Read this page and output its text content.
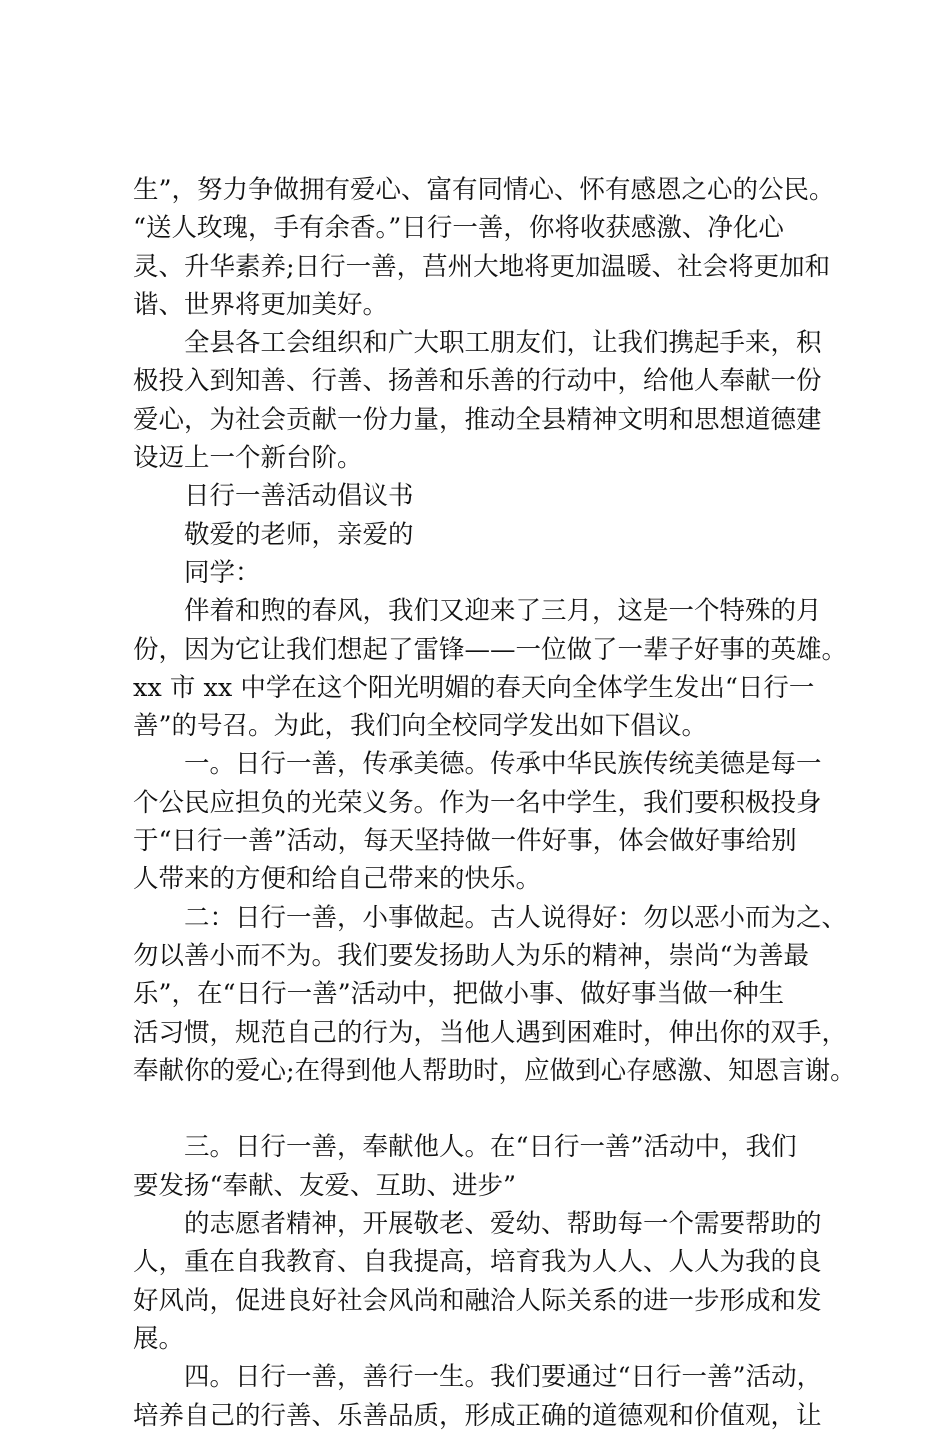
生”，努力争做拥有爱心、富有同情心、怀有感恩之心的公民。
“送人玫瑰，手有余香。”日行一善，你将收获感激、净化心
灵、升华素养;日行一善，莒州大地将更加温暖、社会将更加和
谐、世界将更加美好。
　　全县各工会组织和广大职工朋友们，让我们携起手来，积
极投入到知善、行善、扬善和乐善的行动中，给他人奉献一份
爱心，为社会贡献一份力量，推动全县精神文明和思想道德建
设迈上一个新台阶。
　　日行一善活动倡议书
　　敬爱的老师，亲爱的
　　同学：
　　伴着和煦的春风，我们又迎来了三月，这是一个特殊的月
份，因为它让我们想起了雷锋——一位做了一辈子好事的英雄。
xx 市 xx 中学在这个阳光明媚的春天向全体学生发出“日行一
善”的号召。为此，我们向全校同学发出如下倡议。
　　一。日行一善，传承美德。传承中华民族传统美德是每一
个公民应担负的光荣义务。作为一名中学生，我们要积极投身
于“日行一善”活动，每天坚持做一件好事，体会做好事给别
人带来的方便和给自己带来的快乐。
　　二：日行一善，小事做起。古人说得好：勿以恶小而为之、
勿以善小而不为。我们要发扬助人为乐的精神，崇尚“为善最
乐”，在“日行一善”活动中，把做小事、做好事当做一种生
活习惯，规范自己的行为，当他人遇到困难时，伸出你的双手，
奉献你的爱心;在得到他人帮助时，应做到心存感激、知恩言谢。
　　三。日行一善，奉献他人。在“日行一善”活动中，我们
要发扬“奉献、友爱、互助、进步”
　　的志愿者精神，开展敬老、爱幼、帮助每一个需要帮助的
人，重在自我教育、自我提高，培育我为人人、人人为我的良
好风尚，促进良好社会风尚和融洽人际关系的进一步形成和发
展。
　　四。日行一善，善行一生。我们要通过“日行一善”活动，
培养自己的行善、乐善品质，形成正确的道德观和价值观，让
